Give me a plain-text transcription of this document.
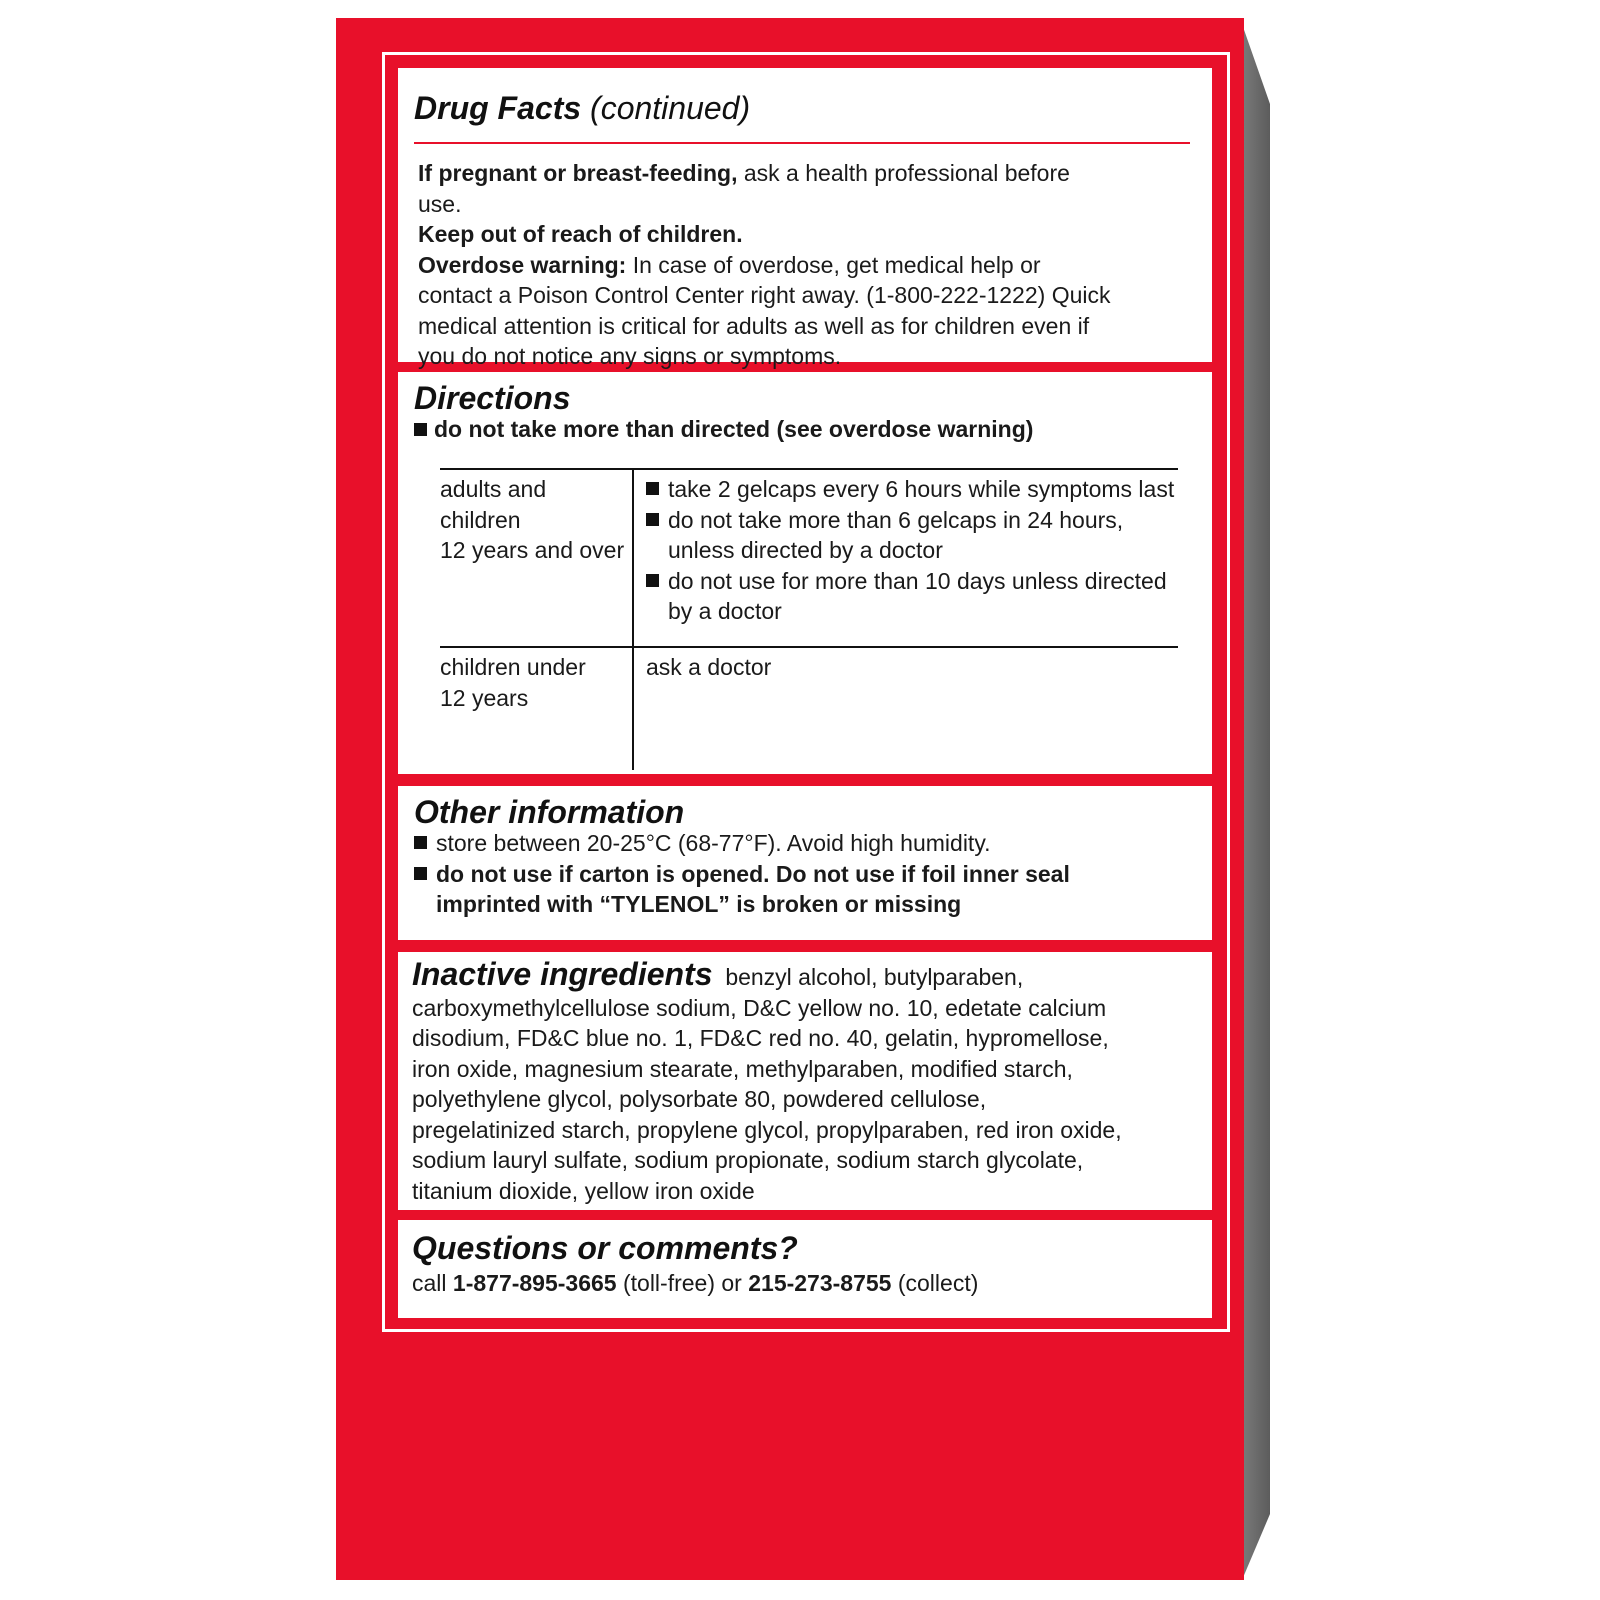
Drug Facts (continued)
If pregnant or breast-feeding, ask a health professional before use.
Keep out of reach of children.
Overdose warning: In case of overdose, get medical help or contact a Poison Control Center right away. (1-800-222-1222) Quick medical attention is critical for adults as well as for children even if you do not notice any signs or symptoms.
Directions
do not take more than directed (see overdose warning)
adults and children
12 years and over
take 2 gelcaps every 6 hours while symptoms last
do not take more than 6 gelcaps in 24 hours, unless directed by a doctor
do not use for more than 10 days unless directed by a doctor
children under
12 years
ask a doctor
Other information
store between 20-25°C (68-77°F). Avoid high humidity.
do not use if carton is opened. Do not use if foil inner seal imprinted with “TYLENOL” is broken or missing
Inactive ingredients benzyl alcohol, butylparaben, carboxymethylcellulose sodium, D&C yellow no. 10, edetate calcium disodium, FD&C blue no. 1, FD&C red no. 40, gelatin, hypromellose, iron oxide, magnesium stearate, methylparaben, modified starch, polyethylene glycol, polysorbate 80, powdered cellulose, pregelatinized starch, propylene glycol, propylparaben, red iron oxide, sodium lauryl sulfate, sodium propionate, sodium starch glycolate, titanium dioxide, yellow iron oxide
Questions or comments?
call 1-877-895-3665 (toll-free) or 215-273-8755 (collect)
